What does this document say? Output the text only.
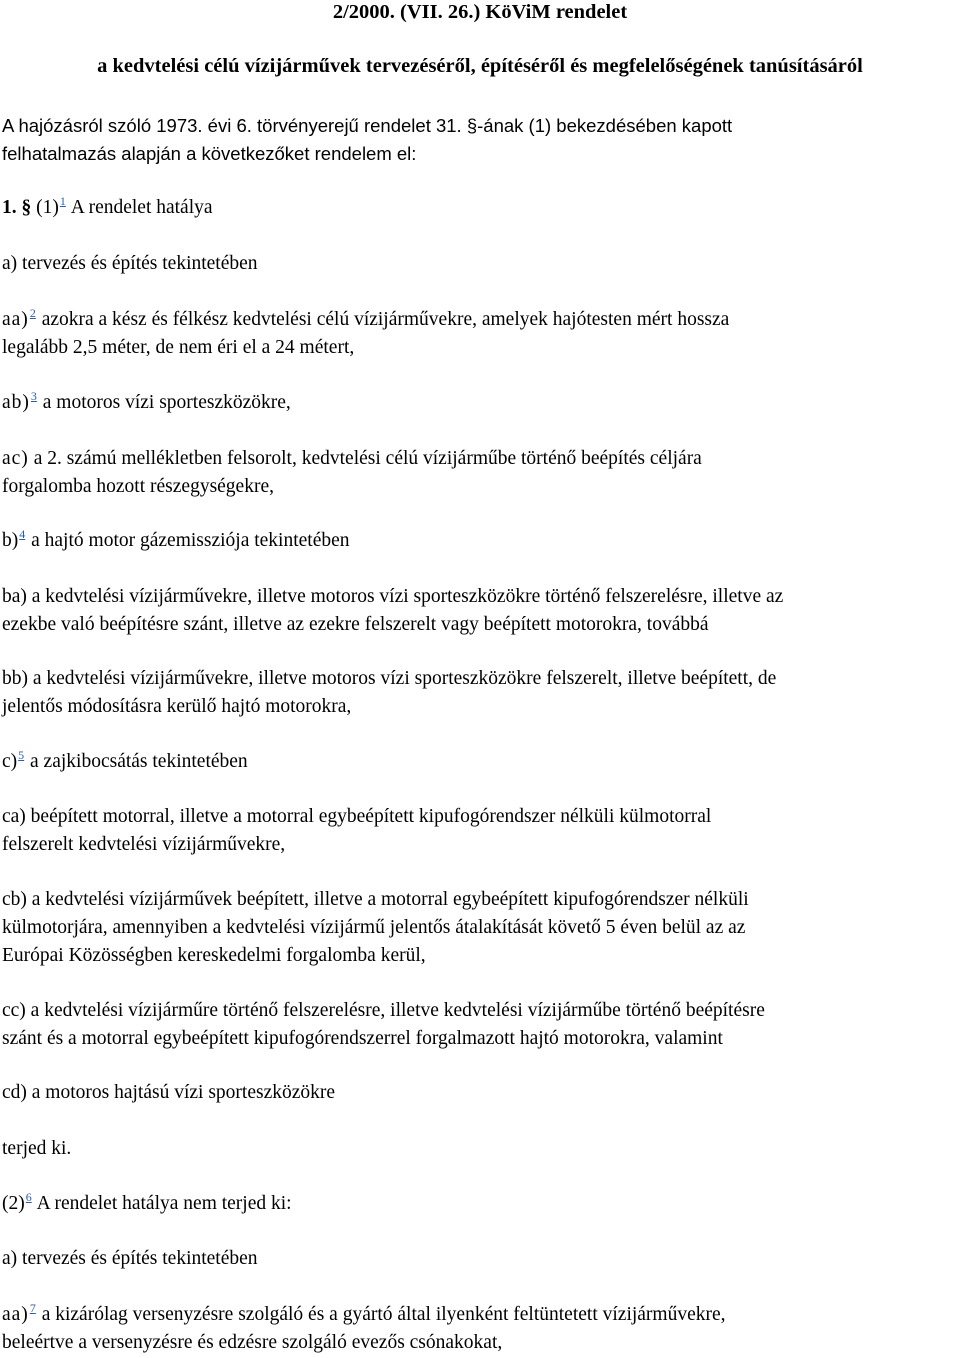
2/2000. (VII. 26.) KöViM rendelet
a kedvtelési célú vízijárművek tervezéséről, építéséről és megfelelőségének tanúsításáról

A hajózásról szóló 1973. évi 6. törvényerejű rendelet 31. §-ának (1) bekezdésében kapott
felhatalmazás alapján a következőket rendelem el:

1. § (1)$^1$ A rendelet hatálya

a) tervezés és építés tekintetében

aa)$^2$ azokra a kész és félkész kedvtelési célú vízijárművekre, amelyek hajótesten mért hossza
legalább 2,5 méter, de nem éri el a 24 métert,

ab)$^3$ a motoros vízi sporteszközökre,

ac) a 2. számú mellékletben felsorolt, kedvtelési célú vízijárműbe történő beépítés céljára
forgalomba hozott részegységekre,

b)$^4$ a hajtó motor gázemissziója tekintetében

ba) a kedvtelési vízijárművekre, illetve motoros vízi sporteszközökre történő felszerelésre, illetve az
ezekbe való beépítésre szánt, illetve az ezekre felszerelt vagy beépített motorokra, továbbá

bb) a kedvtelési vízijárművekre, illetve motoros vízi sporteszközökre felszerelt, illetve beépített, de
jelentős módosításra kerülő hajtó motorokra,

c)$^5$ a zajkibocsátás tekintetében

ca) beépített motorral, illetve a motorral egybeépített kipufogórendszer nélküli külmotorral
felszerelt kedvtelési vízijárművekre,

cb) a kedvtelési vízijárművek beépített, illetve a motorral egybeépített kipufogórendszer nélküli
külmotorjára, amennyiben a kedvtelési vízijármű jelentős átalakítását követő 5 éven belül az az
Európai Közösségben kereskedelmi forgalomba kerül,

cc) a kedvtelési vízijárműre történő felszerelésre, illetve kedvtelési vízijárműbe történő beépítésre
szánt és a motorral egybeépített kipufogórendszerrel forgalmazott hajtó motorokra, valamint

cd) a motoros hajtású vízi sporteszközökre

terjed ki.

(2)$^6$ A rendelet hatálya nem terjed ki:

a) tervezés és építés tekintetében

aa)$^7$ a kizárólag versenyzésre szolgáló és a gyártó által ilyenként feltüntetett vízijárművekre,
beleértve a versenyzésre és edzésre szolgáló evezős csónakokat,
